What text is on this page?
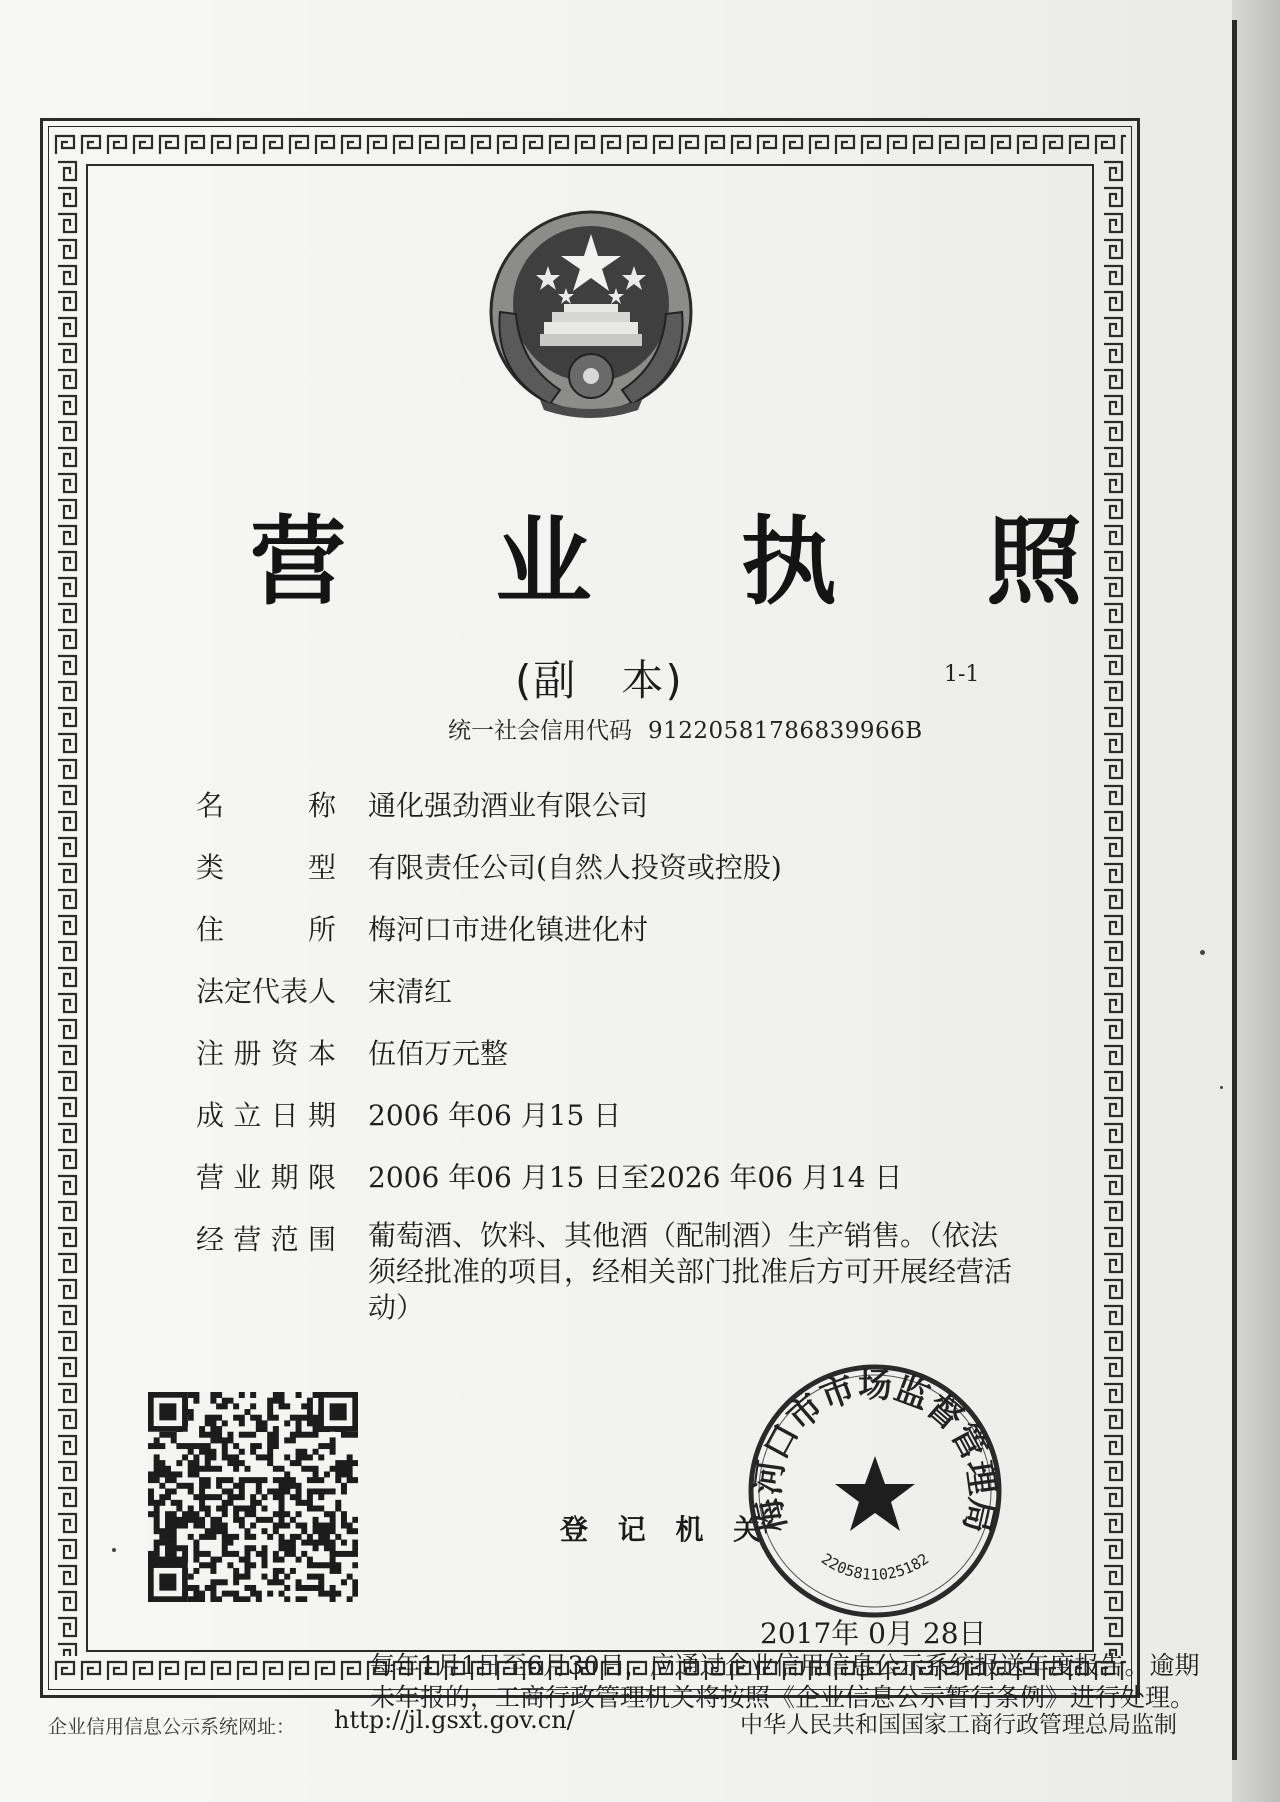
营 业 执 照
(副　本)	1-1
统一社会信用代码 91220581786839966B
名称 通化强劲酒业有限公司
类型 有限责任公司(自然人投资或控股)
住所 梅河口市进化镇进化村
法定代表人 宋清红
注册资本 伍佰万元整
成立日期 2006 年06 月15 日
营业期限 2006 年06 月15 日至2026 年06 月14 日
经营范围 葡萄酒、饮料、其他酒（配制酒）生产销售。（依法须经批准的项目，经相关部门批准后方可开展经营活动）
登 记 机 关
梅河口市市场监督管理局
2205811025182
2017年 0月 28日
每年1月1日至6月30日，应通过企业信用信息公示系统报送年度报告。逾期未年报的，工商行政管理机关将按照《企业信息公示暂行条例》进行处理。
企业信用信息公示系统网址： http://jl.gsxt.gov.cn/	中华人民共和国国家工商行政管理总局监制
